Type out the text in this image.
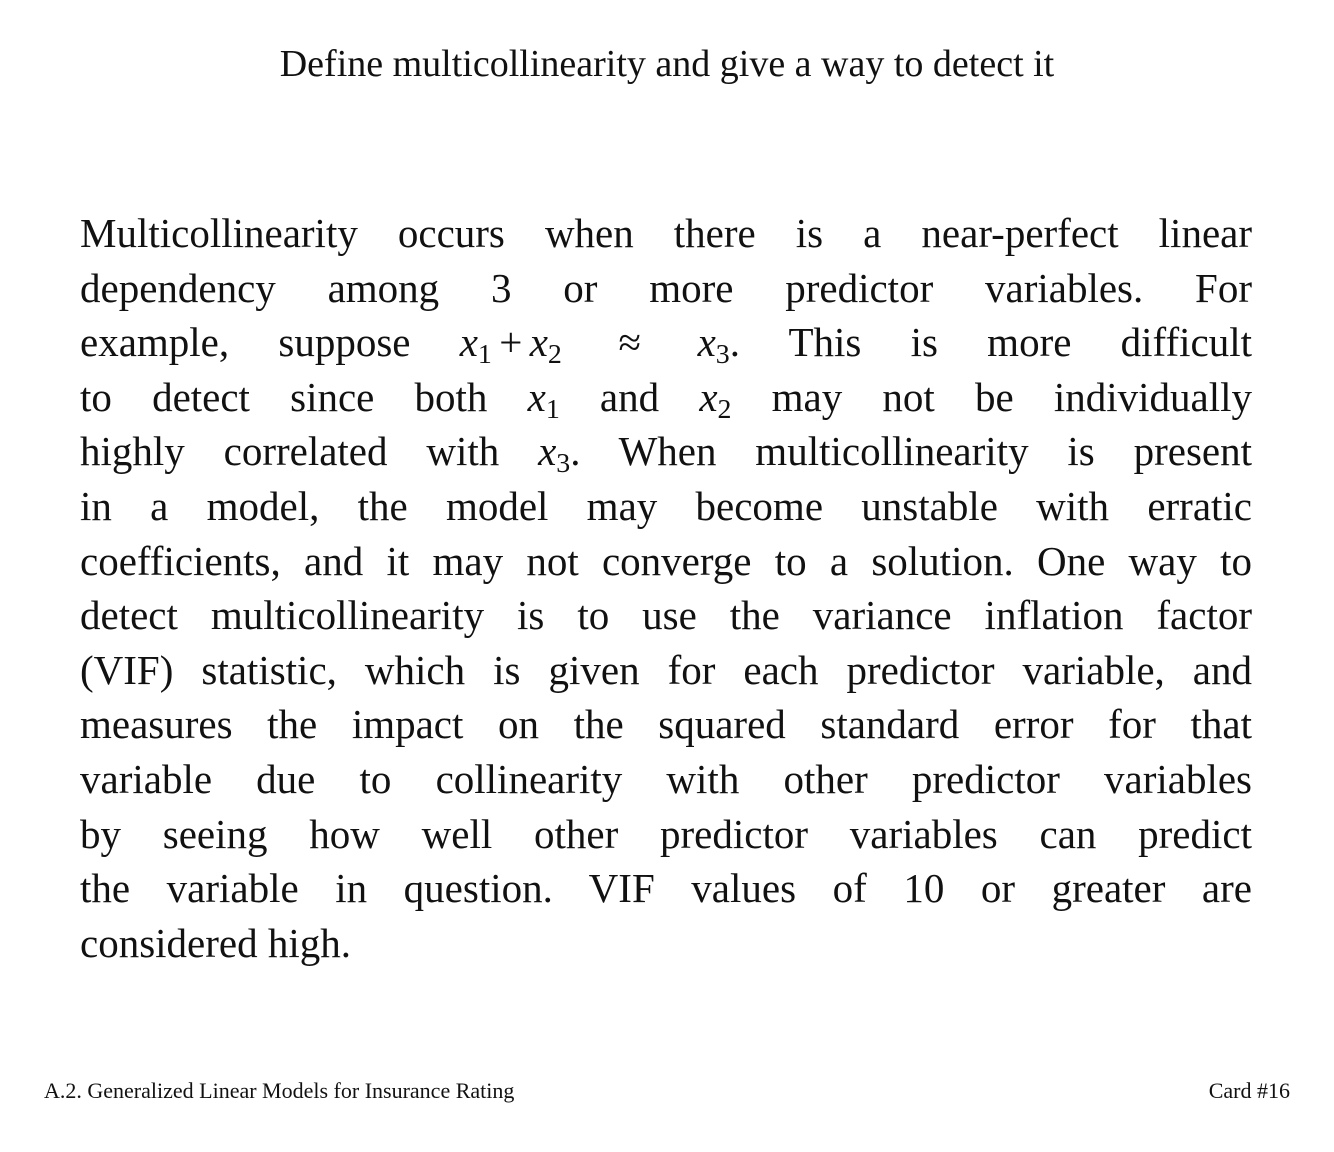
Define multicollinearity and give a way to detect it
Multicollinearity occurs when there is a near-perfect linear
dependency among 3 or more predictor variables. For
example, suppose $x_1 + x_2 \approx x_3$. This is more difficult
to detect since both $x_1$ and $x_2$ may not be individually
highly correlated with $x_3$. When multicollinearity is present
in a model, the model may become unstable with erratic
coefficients, and it may not converge to a solution. One way to
detect multicollinearity is to use the variance inflation factor
(VIF) statistic, which is given for each predictor variable, and
measures the impact on the squared standard error for that
variable due to collinearity with other predictor variables
by seeing how well other predictor variables can predict
the variable in question. VIF values of 10 or greater are
considered high.
A.2. Generalized Linear Models for Insurance Rating	Card #16
